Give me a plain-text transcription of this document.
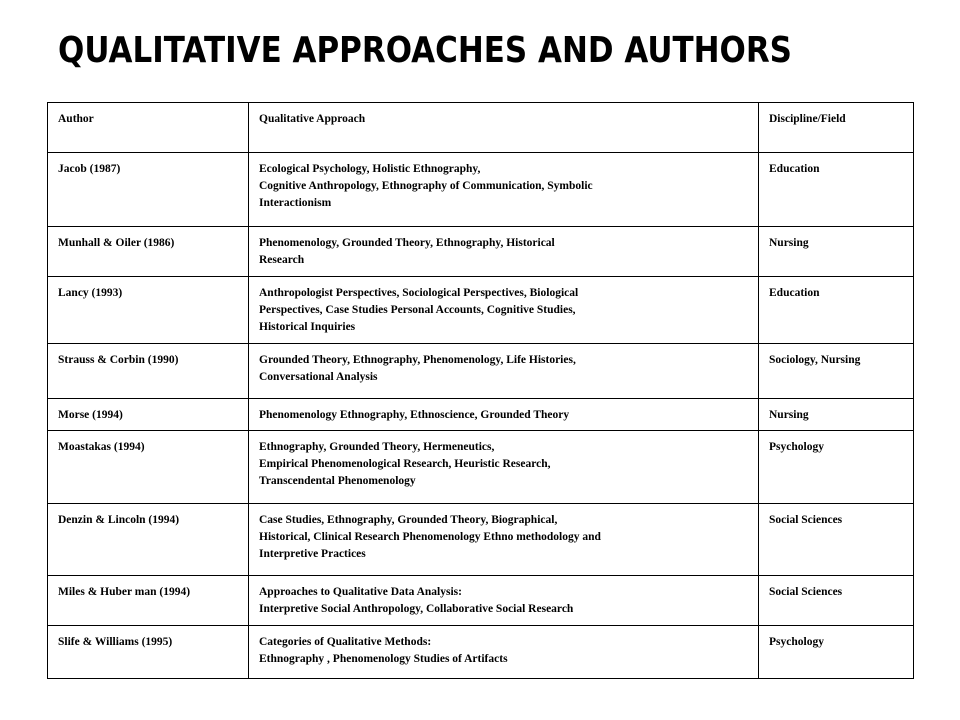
QUALITATIVE APPROACHES AND AUTHORS
Author	Qualitative Approach	Discipline/Field
Jacob (1987)	Ecological Psychology, Holistic Ethnography,
Cognitive Anthropology, Ethnography of Communication, Symbolic
Interactionism	Education
Munhall & Oiler (1986)	Phenomenology, Grounded Theory, Ethnography, Historical
Research	Nursing
Lancy (1993)	Anthropologist Perspectives, Sociological Perspectives, Biological
Perspectives, Case Studies Personal Accounts, Cognitive Studies,
Historical Inquiries	Education
Strauss & Corbin (1990)	Grounded Theory, Ethnography, Phenomenology, Life Histories,
Conversational Analysis	Sociology, Nursing
Morse (1994)	Phenomenology Ethnography, Ethnoscience, Grounded Theory	Nursing
Moastakas (1994)	Ethnography, Grounded Theory, Hermeneutics,
Empirical Phenomenological Research, Heuristic Research,
Transcendental Phenomenology	Psychology
Denzin & Lincoln (1994)	Case Studies, Ethnography, Grounded Theory, Biographical,
Historical, Clinical Research Phenomenology Ethno methodology and
Interpretive Practices	Social Sciences
Miles & Huber man (1994)	Approaches to Qualitative Data Analysis:
Interpretive Social Anthropology, Collaborative Social Research	Social Sciences
Slife & Williams (1995)	Categories of Qualitative Methods:
Ethnography , Phenomenology Studies of Artifacts	Psychology
